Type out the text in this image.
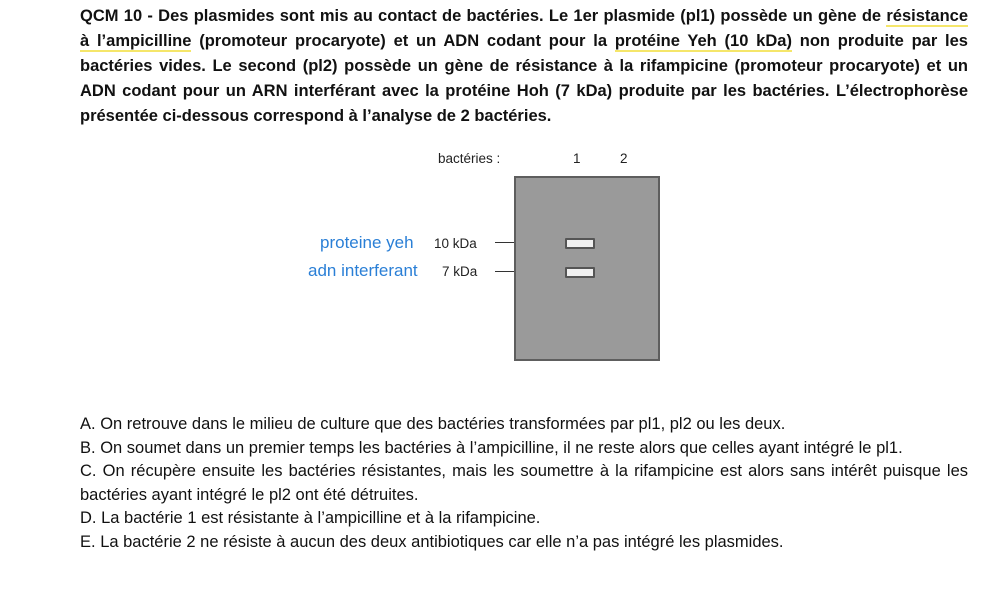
QCM 10 - Des plasmides sont mis au contact de bactéries. Le 1er plasmide (pl1) possède un gène de résistance à l’ampicilline (promoteur procaryote) et un ADN codant pour la protéine Yeh (10 kDa) non produite par les bactéries vides. Le second (pl2) possède un gène de résistance à la rifampicine (promoteur procaryote) et un ADN codant pour un ARN interférant avec la protéine Hoh (7 kDa) produite par les bactéries. L’électrophorèse présentée ci-dessous correspond à l’analyse de 2 bactéries.
bactéries :	1	2
proteine yeh 10 kDa
adn interferant 7 kDa
A. On retrouve dans le milieu de culture que des bactéries transformées par pl1, pl2 ou les deux.
B. On soumet dans un premier temps les bactéries à l’ampicilline, il ne reste alors que celles ayant intégré le pl1.
C. On récupère ensuite les bactéries résistantes, mais les soumettre à la rifampicine est alors sans intérêt puisque les bactéries ayant intégré le pl2 ont été détruites.
D. La bactérie 1 est résistante à l’ampicilline et à la rifampicine.
E. La bactérie 2 ne résiste à aucun des deux antibiotiques car elle n’a pas intégré les plasmides.
